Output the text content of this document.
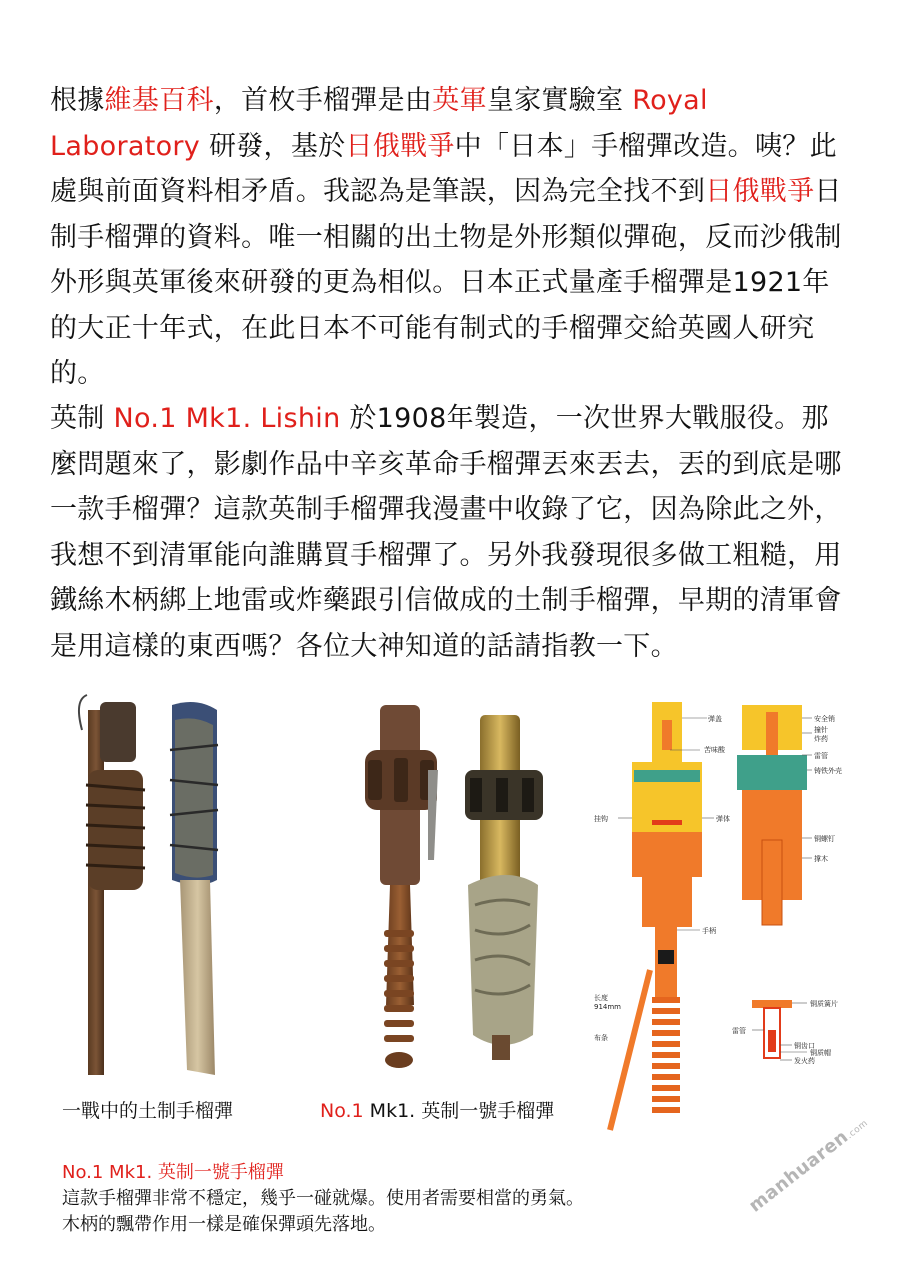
根據維基百科，首枚手榴彈是由英軍皇家實驗室 Royal Laboratory 研發，基於日俄戰爭中「日本」手榴彈改造。咦？此處與前面資料相矛盾。我認為是筆誤，因為完全找不到日俄戰爭日制手榴彈的資料。唯一相關的出土物是外形類似彈砲，反而沙俄制外形與英軍後來研發的更為相似。日本正式量產手榴彈是1921年的大正十年式，在此日本不可能有制式的手榴彈交給英國人研究的。

英制 No.1 Mk1. Lishin 於1908年製造，一次世界大戰服役。那麼問題來了，影劇作品中辛亥革命手榴彈丟來丟去，丟的到底是哪一款手榴彈？這款英制手榴彈我漫畫中收錄了它，因為除此之外，我想不到清軍能向誰購買手榴彈了。另外我發現很多做工粗糙，用鐵絲木柄綁上地雷或炸藥跟引信做成的土制手榴彈，早期的清軍會是用這樣的東西嗎？各位大神知道的話請指教一下。

弹盖
苦味酸
挂钩	弹体
手柄
长度
914mm
布条
安全销
撞针
炸药
雷管
铸铁外壳
铜螺钉
撑木
铜质簧片
雷管
铜齿口
铜质帽
发火药
一戰中的土制手榴彈	No.1 Mk1. 英制一號手榴彈
No.1 Mk1. 英制一號手榴彈
這款手榴彈非常不穩定，幾乎一碰就爆。使用者需要相當的勇氣。
木柄的飄帶作用一樣是確保彈頭先落地。
manhuaren.com
